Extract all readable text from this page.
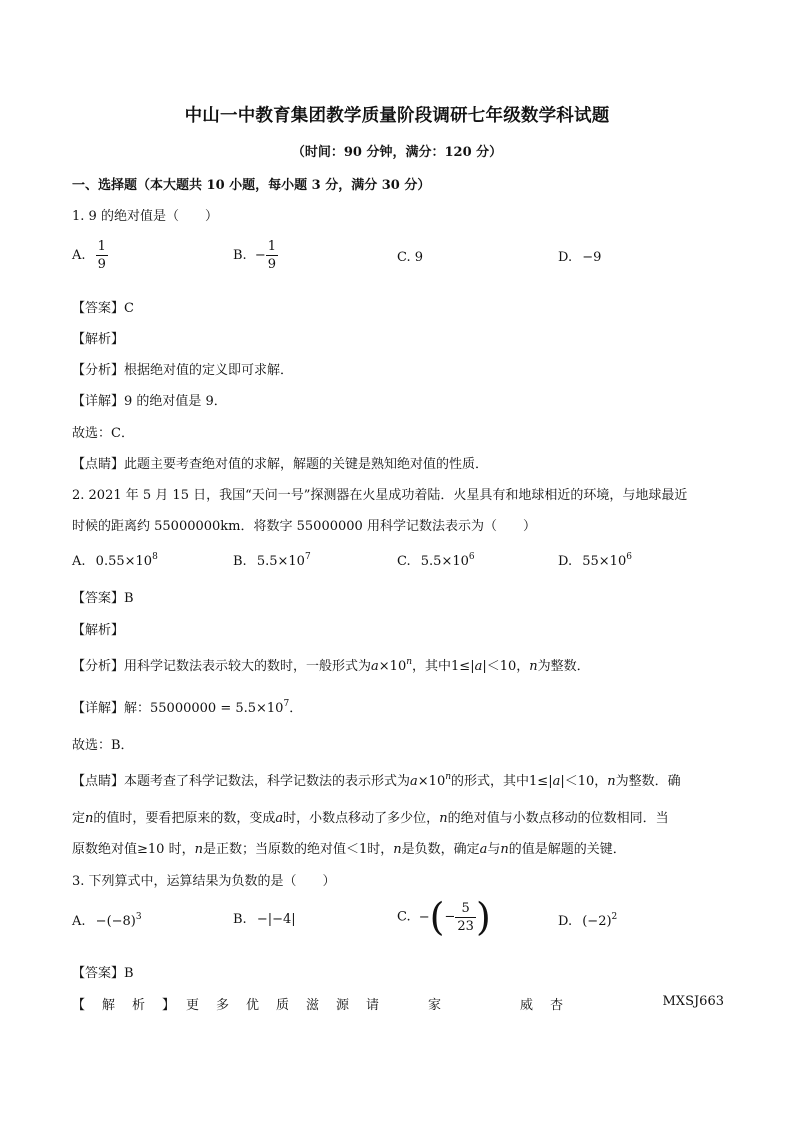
中山一中教育集团教学质量阶段调研七年级数学科试题
（时间：90 分钟，满分：120 分）
一、选择题（本大题共 10 小题，每小题 3 分，满分 30 分）
1. 9 的绝对值是（　　）
A. $\frac{1}{9}$	B. − $\frac{1}{9}$	C. 9	D. −9
【答案】C
【解析】
【分析】根据绝对值的定义即可求解．
【详解】9 的绝对值是 9．
故选：C．
【点睛】此题主要考查绝对值的求解，解题的关键是熟知绝对值的性质．
2. 2021 年 5 月 15 日，我国“天问一号”探测器在火星成功着陆．火星具有和地球相近的环境，与地球最近
时候的距离约 55000000km．将数字 55000000 用科学记数法表示为（　　）
A. $0.55\times 10^8$	B. $5.5\times 10^7$	C. $5.5\times 10^6$	D. $55\times 10^6$
【答案】B
【解析】
【分析】用科学记数法表示较大的数时，一般形式为$a\times 10^n$，其中1≤|a|＜10，n为整数．
【详解】解：$55000000 = 5.5\times 10^7$．
故选：B．
【点睛】本题考查了科学记数法，科学记数法的表示形式为$a\times 10^n$的形式，其中1≤|a|＜10，n为整数．确
定n的值时，要看把原来的数，变成a时，小数点移动了多少位，n的绝对值与小数点移动的位数相同．当
原数绝对值≥10 时，n是正数；当原数的绝对值＜1时，n是负数，确定a与n的值是解题的关键．
3. 下列算式中，运算结果为负数的是（　　）
A. $-(-8)^3$	B. −|−4|	C. −(− $\frac{5}{23}$ )	D. $(-2)^2$
【答案】B
【解析】
更多优质滋源请 家	威杏	MXSJ663
